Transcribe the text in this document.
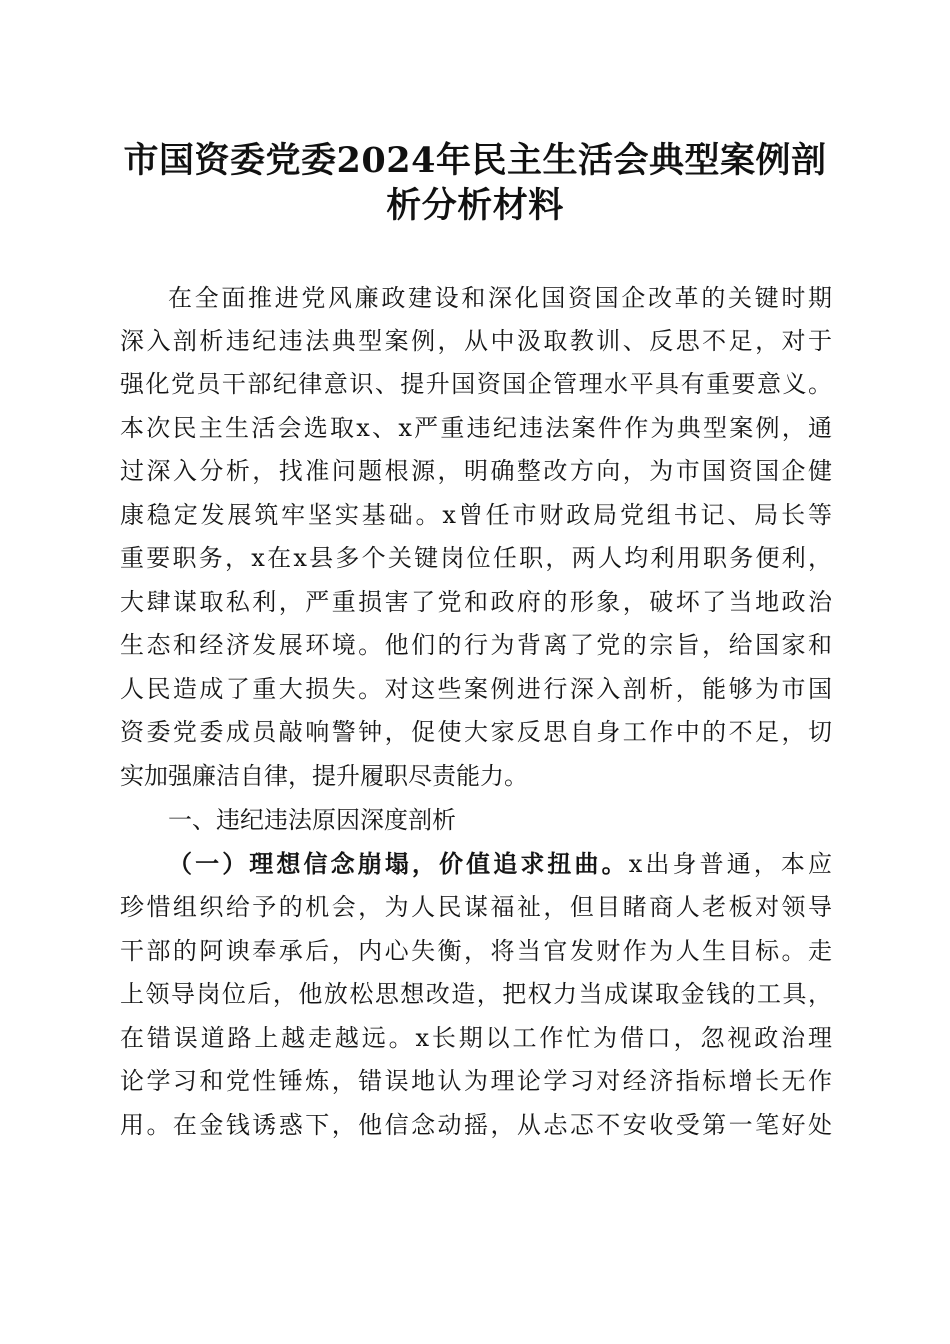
市国资委党委2024年民主生活会典型案例剖
析分析材料
在全面推进党风廉政建设和深化国资国企改革的关键时期
深入剖析违纪违法典型案例，从中汲取教训、反思不足，对于
强化党员干部纪律意识、提升国资国企管理水平具有重要意义。
本次民主生活会选取x、x严重违纪违法案件作为典型案例，通
过深入分析，找准问题根源，明确整改方向，为市国资国企健
康稳定发展筑牢坚实基础。x曾任市财政局党组书记、局长等
重要职务，x在x县多个关键岗位任职，两人均利用职务便利，
大肆谋取私利，严重损害了党和政府的形象，破坏了当地政治
生态和经济发展环境。他们的行为背离了党的宗旨，给国家和
人民造成了重大损失。对这些案例进行深入剖析，能够为市国
资委党委成员敲响警钟，促使大家反思自身工作中的不足，切
实加强廉洁自律，提升履职尽责能力。
一、违纪违法原因深度剖析
（一）理想信念崩塌，价值追求扭曲。x出身普通，本应
珍惜组织给予的机会，为人民谋福祉，但目睹商人老板对领导
干部的阿谀奉承后，内心失衡，将当官发财作为人生目标。走
上领导岗位后，他放松思想改造，把权力当成谋取金钱的工具，
在错误道路上越走越远。x长期以工作忙为借口，忽视政治理
论学习和党性锤炼，错误地认为理论学习对经济指标增长无作
用。在金钱诱惑下，他信念动摇，从忐忑不安收受第一笔好处
